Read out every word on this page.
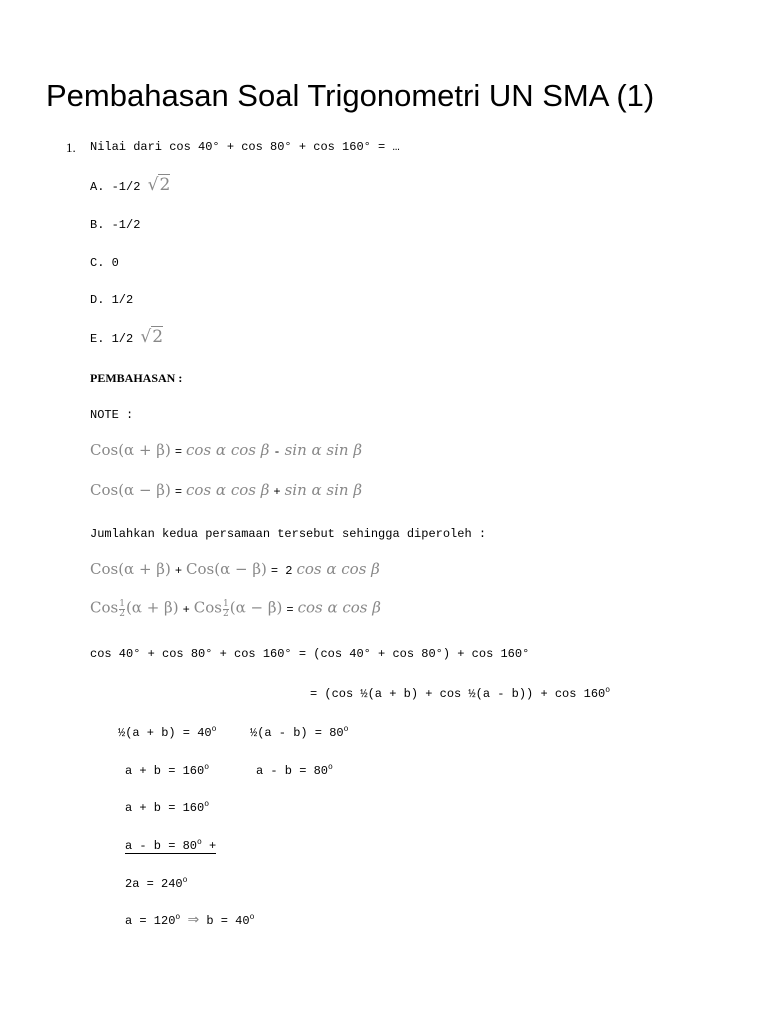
Pembahasan Soal Trigonometri UN SMA (1)
1. Nilai dari cos 40° + cos 80° + cos 160° = …
A. -1/2 √2
B. -1/2
C. 0
D. 1/2
E. 1/2 √2
PEMBAHASAN :
NOTE :
Cos(α + β) = cos α cos β - sin α sin β
Cos(α − β) = cos α cos β + sin α sin β
Jumlahkan kedua persamaan tersebut sehingga diperoleh :
Cos(α + β) + Cos(α − β) = 2 cos α cos β
Cos $\frac{1}{2} (\alpha + \beta)$ + Cos $\frac{1}{2} (\alpha - \beta) = \cos \alpha$ cos β
cos 40° + cos 80° + cos 160° = (cos 40° + cos 80°) + cos 160°
= (cos ½(a + b) + cos ½(a - b)) + cos 160$^o$
½(a + $b) = 40^o$	½(a - $b) = 80^o$
$a + b = 160^o$	$a - b = 80^o$
$a + b = 160^o$
$a - b = 80^o$ +
$2a = 240^o$
$a = 120^o$ ⇒ $b = 40^o$
